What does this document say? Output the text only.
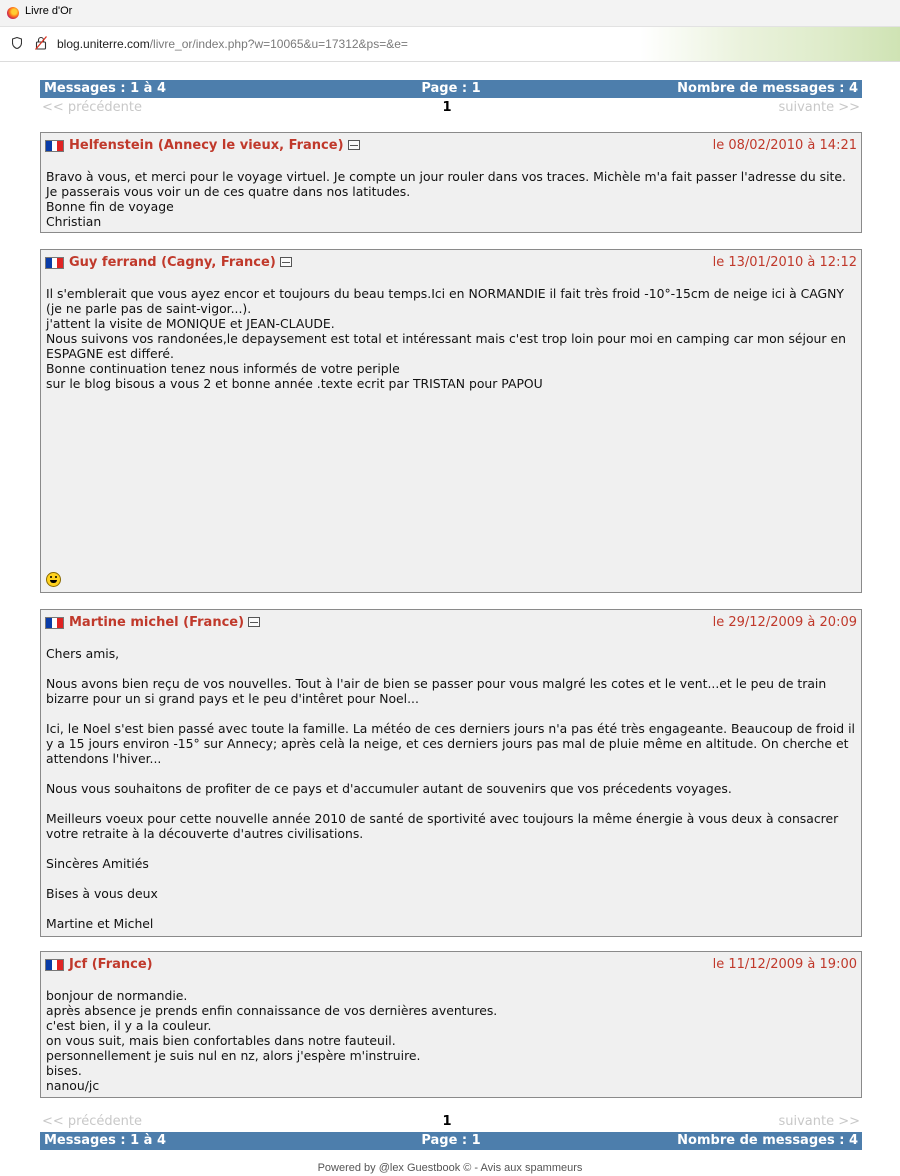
Livre d'Or
blog.uniterre.com/livre_or/index.php?w=10065&u=17312&ps=&e=
Page : 1
Messages : 1 à 4	Nombre de messages : 4
1
<< précédente	suivante >>
Helfenstein (Annecy le vieux, France)	le 08/02/2010 à 14:21

Bravo à vous, et merci pour le voyage virtuel. Je compte un jour rouler dans vos traces. Michèle m'a fait passer l'adresse du site.

Je passerais vous voir un de ces quatre dans nos latitudes.

Bonne fin de voyage

Christian

Guy ferrand (Cagny, France)	le 13/01/2010 à 12:12

Il s'emblerait que vous ayez encor et toujours du beau temps.Ici en NORMANDIE il fait très froid -10°-15cm de neige ici à CAGNY (je ne parle pas de saint-vigor...).

j'attent la visite de MONIQUE et JEAN-CLAUDE.

Nous suivons vos randonées,le depaysement est total et intéressant mais c'est trop loin pour moi en camping car mon séjour en ESPAGNE est differé.

Bonne continuation tenez nous informés de votre periple

sur le blog bisous a vous 2 et bonne année .texte ecrit par TRISTAN pour PAPOU

Martine michel (France)	le 29/12/2009 à 20:09

Chers amis,

Nous avons bien reçu de vos nouvelles. Tout à l'air de bien se passer pour vous malgré les cotes et le vent...et le peu de train bizarre pour un si grand pays et le peu d'intêret pour Noel...

Ici, le Noel s'est bien passé avec toute la famille. La météo de ces derniers jours n'a pas été très engageante. Beaucoup de froid il y a 15 jours environ -15° sur Annecy; après celà la neige, et ces derniers jours pas mal de pluie même en altitude. On cherche et attendons l'hiver...

Nous vous souhaitons de profiter de ce pays et d'accumuler autant de souvenirs que vos précedents voyages.

Meilleurs voeux pour cette nouvelle année 2010 de santé de sportivité avec toujours la même énergie à vous deux à consacrer votre retraite à la découverte d'autres civilisations.

Sincères Amitiés

Bises à vous deux

Martine et Michel

Jcf (France)	le 11/12/2009 à 19:00

bonjour de normandie.

après absence je prends enfin connaissance de vos dernières aventures.

c'est bien, il y a la couleur.

on vous suit, mais bien confortables dans notre fauteuil.

personnellement je suis nul en nz, alors j'espère m'instruire.

bises.

nanou/jc

1
<< précédente	suivante >>
Page : 1
Messages : 1 à 4	Nombre de messages : 4
Powered by @lex Guestbook © - Avis aux spammeurs
